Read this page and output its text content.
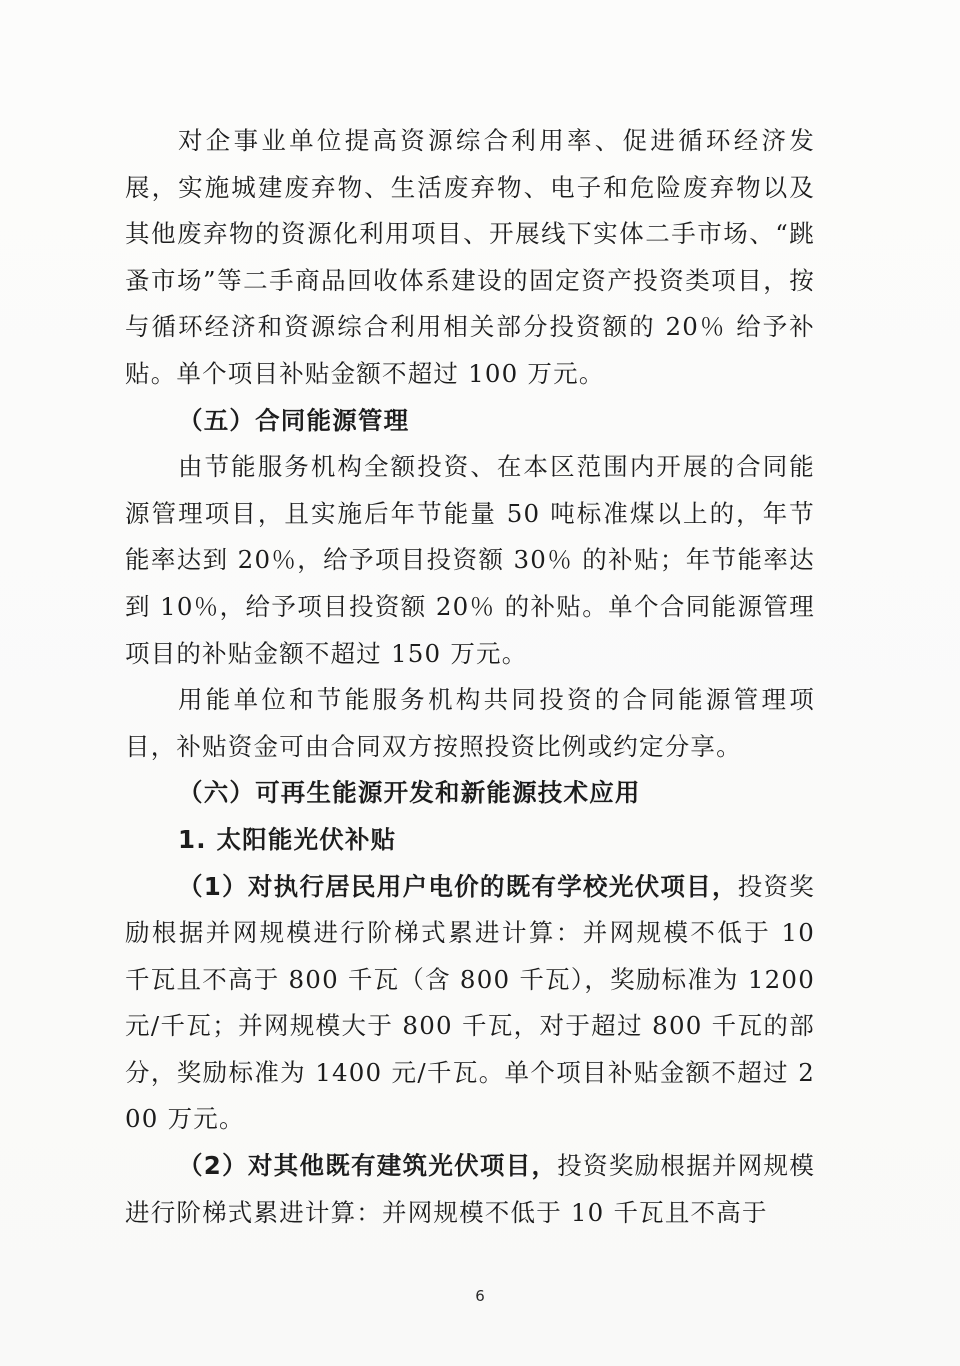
对企事业单位提高资源综合利用率、促进循环经济发展，实施城建废弃物、生活废弃物、电子和危险废弃物以及其他废弃物的资源化利用项目、开展线下实体二手市场、“跳蚤市场”等二手商品回收体系建设的固定资产投资类项目，按与循环经济和资源综合利用相关部分投资额的 20％ 给予补贴。单个项目补贴金额不超过 100 万元。

（五）合同能源管理

由节能服务机构全额投资、在本区范围内开展的合同能源管理项目，且实施后年节能量 50 吨标准煤以上的，年节能率达到 20％，给予项目投资额 30％ 的补贴；年节能率达到 10％，给予项目投资额 20％ 的补贴。单个合同能源管理项目的补贴金额不超过 150 万元。

用能单位和节能服务机构共同投资的合同能源管理项目，补贴资金可由合同双方按照投资比例或约定分享。

（六）可再生能源开发和新能源技术应用

1. 太阳能光伏补贴

（1）对执行居民用户电价的既有学校光伏项目，投资奖励根据并网规模进行阶梯式累进计算：并网规模不低于 10 千瓦且不高于 800 千瓦（含 800 千瓦），奖励标准为 1200 元/千瓦；并网规模大于 800 千瓦，对于超过 800 千瓦的部分，奖励标准为 1400 元/千瓦。单个项目补贴金额不超过 200 万元。

（2）对其他既有建筑光伏项目，投资奖励根据并网规模进行阶梯式累进计算：并网规模不低于 10 千瓦且不高于

6
